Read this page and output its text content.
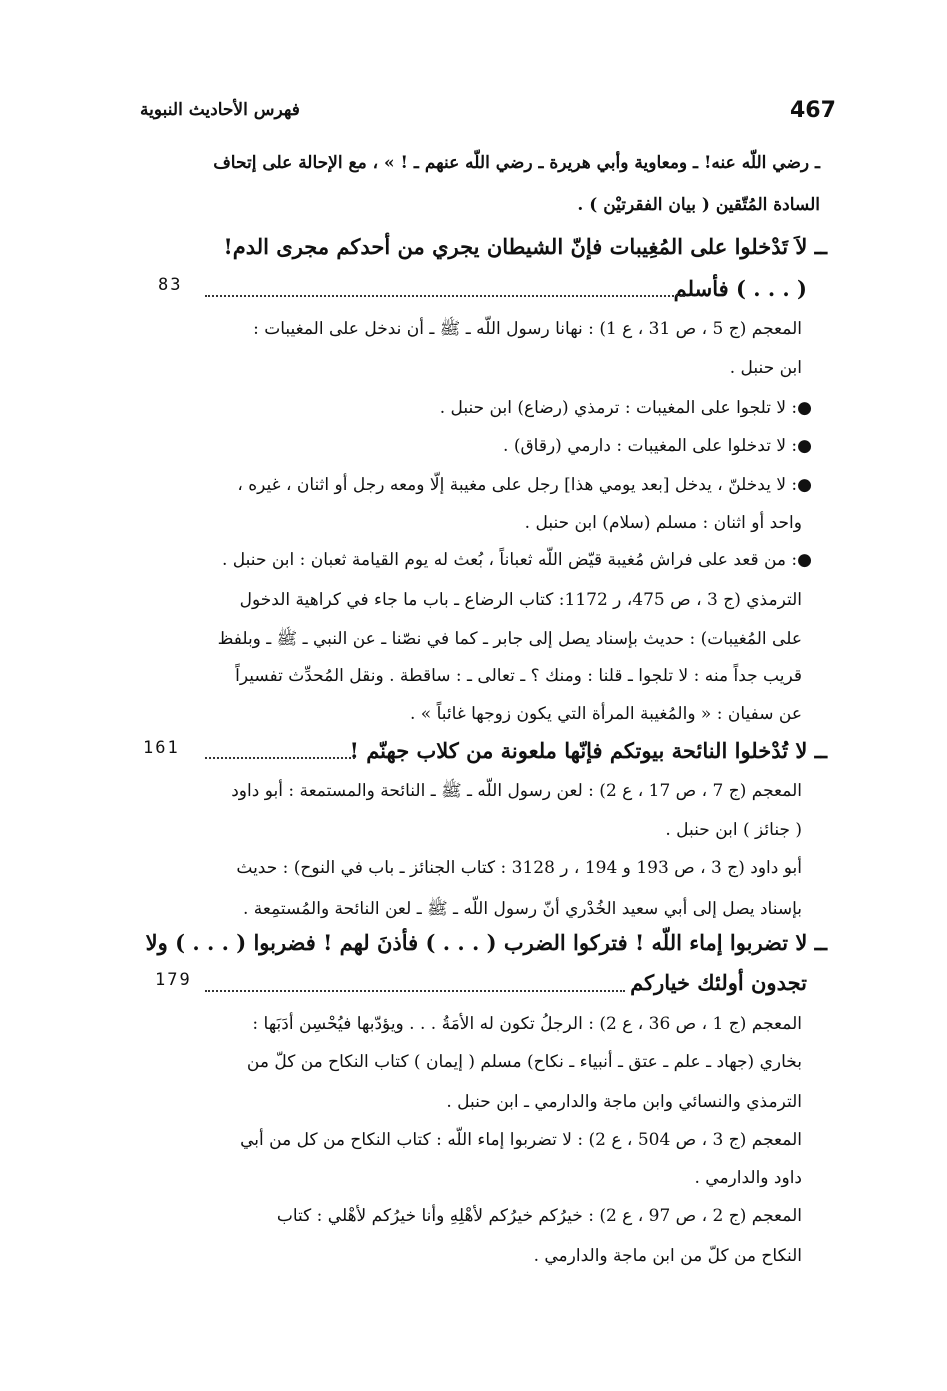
فهرس الأحاديث النبوية	467
ـ رضي اللّه عنه! ـ ومعاوية وأبي هريرة ـ رضي اللّه عنهم ـ ! » ، مع الإحالة على إتحاف
السادة المُتّقين ( بيان الفقرتيْن ) .
ــ لاَ تَدْخلوا على المُغِيبات فإنّ الشيطان يجري من أحدكم مجرى الدم!
( . . . ) فأسلم
83
المعجم (ج 5 ، ص 31 ، ع 1) : نهانا رسول اللّه ـ ﷺ ـ أن ندخل على المغيبات :
ابن حنبل .
●: لا تلجوا على المغيبات : ترمذي (رضاع) ابن حنبل .
●: لا تدخلوا على المغيبات : دارمي (رقاق) .
●: لا يدخلنّ ، يدخل [بعد يومي هذا] رجل على مغيبة إلّا ومعه رجل أو اثنان ، غيره ،
واحد أو اثنان : مسلم (سلام) ابن حنبل .
●: من قعد على فراش مُغيبة قيّض اللّه ثعباناً ، بُعث له يوم القيامة ثعبان : ابن حنبل .
الترمذي (ج 3 ، ص 475، ر 1172: كتاب الرضاع ـ باب ما جاء في كراهية الدخول
على المُغيبات) : حديث بإسناد يصل إلى جابر ـ كما في نصّنا ـ عن النبي ـ ﷺ ـ وبلفظ
قريب جداً منه : لا تلجوا ـ قلنا : ومنك ؟ ـ تعالى ـ : ساقطة . ونقل المُحدِّث تفسيراً
عن سفيان : « والمُغيبة المرأة التي يكون زوجها غائباً » .
ــ لا تُدْخلوا النائحة بيوتكم فإنّها ملعونة من كلاب جهنّم !
161
المعجم (ج 7 ، ص 17 ، ع 2) : لعن رسول اللّه ـ ﷺ ـ النائحة والمستمعة : أبو داود
( جنائز ) ابن حنبل .
أبو داود (ج 3 ، ص 193 و 194 ، ر 3128 : كتاب الجنائز ـ باب في النوح) : حديث
بإسناد يصل إلى أبي سعيد الخُدْري أنّ رسول اللّه ـ ﷺ ـ لعن النائحة والمُستمِعة .
ــ لا تضربوا إماء اللّه ! فتركوا الضرب ( . . . ) فأذنَ لهم ! فضربوا ( . . . ) ولا
تجدون أولئك خياركم
179
المعجم (ج 1 ، ص 36 ، ع 2) : الرجلُ تكون له الأمَةُ . . . ويؤدّبها فيُحْسِن أدَبَها :
بخاري (جهاد ـ علم ـ عتق ـ أنبياء ـ نكاح) مسلم ( إيمان ) كتاب النكاح من كلّ من
الترمذي والنسائي وابن ماجة والدارمي ـ ابن حنبل .
المعجم (ج 3 ، ص 504 ، ع 2) : لا تضربوا إماء اللّه : كتاب النكاح من كل من أبي
داود والدارمي .
المعجم (ج 2 ، ص 97 ، ع 2) : خيرُكم خيرُكم لأهْلِهِ وأنا خيرُكم لأهْلي : كتاب
النكاح من كلّ من ابن ماجة والدارمي .
